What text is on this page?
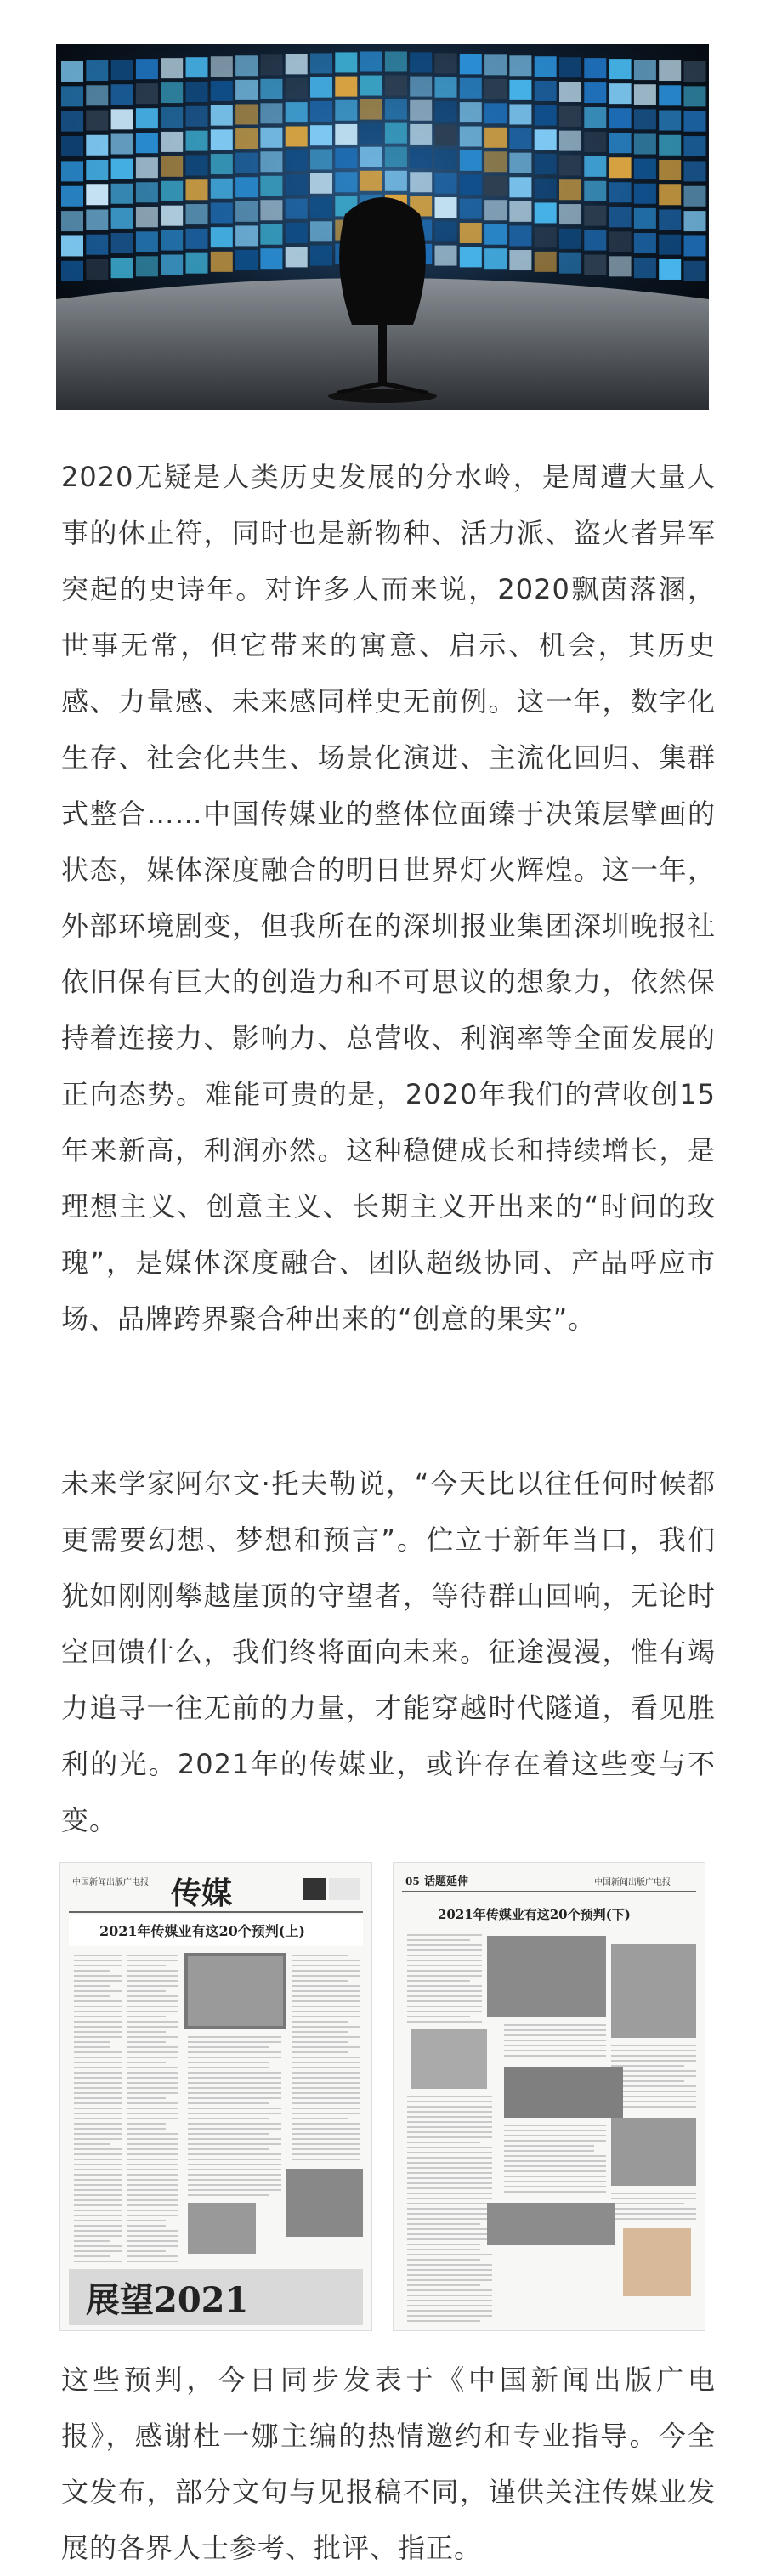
2020无疑是人类历史发展的分水岭，是周遭大量人事的休止符，同时也是新物种、活力派、盗火者异军突起的史诗年。对许多人而来说，2020飘茵落溷，世事无常，但它带来的寓意、启示、机会，其历史感、力量感、未来感同样史无前例。这一年，数字化生存、社会化共生、场景化演进、主流化回归、集群式整合……中国传媒业的整体位面臻于决策层擘画的状态，媒体深度融合的明日世界灯火辉煌。这一年，外部环境剧变，但我所在的深圳报业集团深圳晚报社依旧保有巨大的创造力和不可思议的想象力，依然保持着连接力、影响力、总营收、利润率等全面发展的正向态势。难能可贵的是，2020年我们的营收创15年来新高，利润亦然。这种稳健成长和持续增长，是理想主义、创意主义、长期主义开出来的“时间的玫瑰”，是媒体深度融合、团队超级协同、产品呼应市场、品牌跨界聚合种出来的“创意的果实”。

未来学家阿尔文·托夫勒说，“今天比以往任何时候都更需要幻想、梦想和预言”。伫立于新年当口，我们犹如刚刚攀越崖顶的守望者，等待群山回响，无论时空回馈什么，我们终将面向未来。征途漫漫，惟有竭力追寻一往无前的力量，才能穿越时代隧道，看见胜利的光。2021年的传媒业，或许存在着这些变与不变。

中国新闻出版广电报 传媒
2021年传媒业有这20个预判(上)
展望2021
05 话题延伸	中国新闻出版广电报
2021年传媒业有这20个预判(下)

这些预判，今日同步发表于《中国新闻出版广电报》，感谢杜一娜主编的热情邀约和专业指导。今全文发布，部分文句与见报稿不同，谨供关注传媒业发展的各界人士参考、批评、指正。
